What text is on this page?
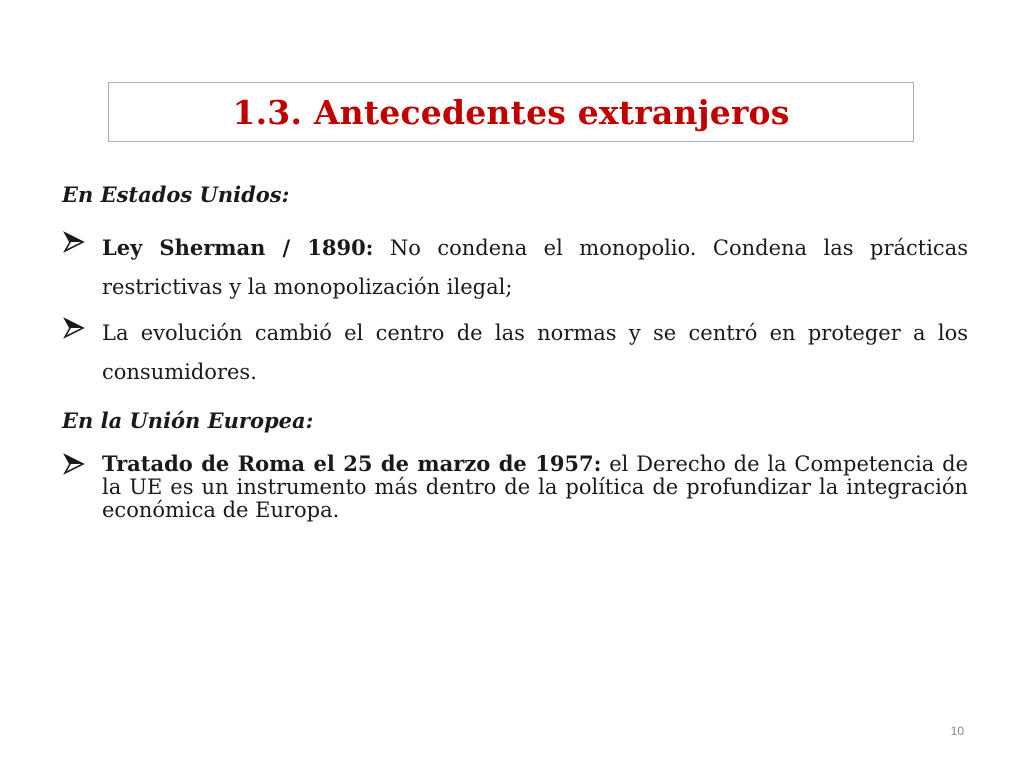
1.3. Antecedentes extranjeros
En Estados Unidos:
Ley Sherman / 1890: No condena el monopolio. Condena las prácticas restrictivas y la monopolización ilegal;
La evolución cambió el centro de las normas y se centró en proteger a los consumidores.
En la Unión Europea:
Tratado de Roma el 25 de marzo de 1957: el Derecho de la Competencia de la UE es un instrumento más dentro de la política de profundizar la integración económica de Europa.
10
